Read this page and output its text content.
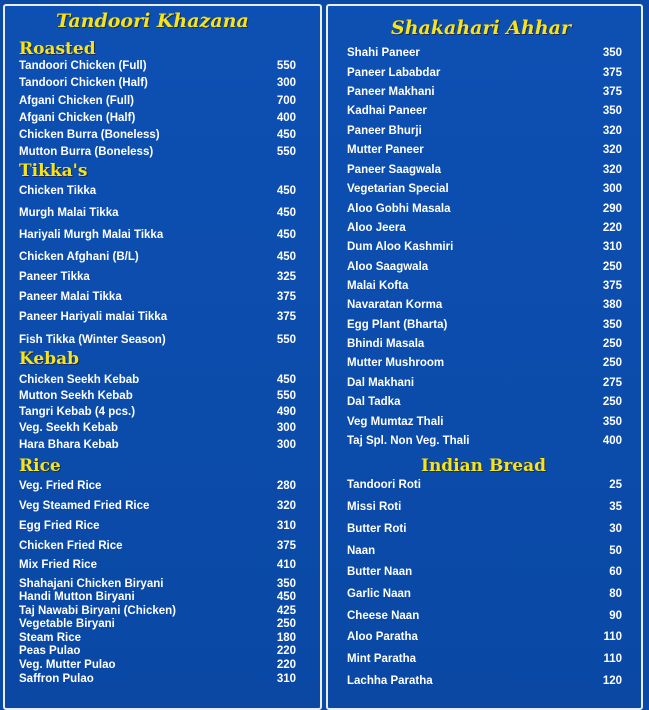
Tandoori Khazana	Shakahari Ahhar
Roasted
Tikka's
Kebab
Rice	Indian Bread
Tandoori Chicken (Full)	550
Tandoori Chicken (Half)	300
Afgani Chicken (Full)	700
Afgani Chicken (Half)	400
Chicken Burra (Boneless)	450
Mutton Burra (Boneless)	550
Chicken Tikka	450
Murgh Malai Tikka	450
Hariyali Murgh Malai Tikka	450
Chicken Afghani (B/L)	450
Paneer Tikka	325
Paneer Malai Tikka	375
Paneer Hariyali malai Tikka	375
Fish Tikka (Winter Season)	550
Chicken Seekh Kebab	450
Mutton Seekh Kebab	550
Tangri Kebab (4 pcs.)	490
Veg. Seekh Kebab	300
Hara Bhara Kebab	300
Veg. Fried Rice	280
Veg Steamed Fried Rice	320
Egg Fried Rice	310
Chicken Fried Rice	375
Mix Fried Rice	410
Shahajani Chicken Biryani	350
Handi Mutton Biryani	450
Taj Nawabi Biryani (Chicken)	425
Vegetable Biryani	250
Steam Rice	180
Peas Pulao	220
Veg. Mutter Pulao	220
Saffron Pulao	310
Shahi Paneer	350
Paneer Lababdar	375
Paneer Makhani	375
Kadhai Paneer	350
Paneer Bhurji	320
Mutter Paneer	320
Paneer Saagwala	320
Vegetarian Special	300
Aloo Gobhi Masala	290
Aloo Jeera	220
Dum Aloo Kashmiri	310
Aloo Saagwala	250
Malai Kofta	375
Navaratan Korma	380
Egg Plant (Bharta)	350
Bhindi Masala	250
Mutter Mushroom	250
Dal Makhani	275
Dal Tadka	250
Veg Mumtaz Thali	350
Taj Spl. Non Veg. Thali	400
Tandoori Roti	25
Missi Roti	35
Butter Roti	30
Naan	50
Butter Naan	60
Garlic Naan	80
Cheese Naan	90
Aloo Paratha	110
Mint Paratha	110
Lachha Paratha	120
